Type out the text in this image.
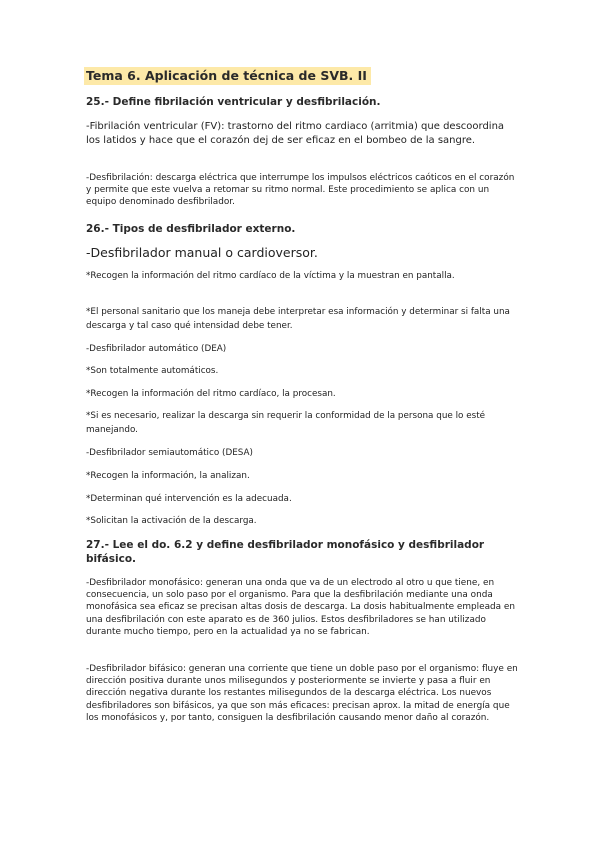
Tema 6. Aplicación de técnica de SVB. II
25.- Define fibrilación ventricular y desfibrilación.

-Fibrilación ventricular (FV): trastorno del ritmo cardiaco (arritmia) que descoordina los latidos y hace que el corazón dej de ser eficaz en el bombeo de la sangre.

-Desfibrilación: descarga eléctrica que interrumpe los impulsos eléctricos caóticos en el corazón y permite que este vuelva a retomar su ritmo normal. Este procedimiento se aplica con un equipo denominado desfibrilador.

26.- Tipos de desfibrilador externo.

-Desfibrilador manual o cardioversor.

*Recogen la información del ritmo cardíaco de la víctima y la muestran en pantalla.

*El personal sanitario que los maneja debe interpretar esa información y determinar si falta una descarga y tal caso qué intensidad debe tener.

-Desfibrilador automático (DEA)

*Son totalmente automáticos.

*Recogen la información del ritmo cardíaco, la procesan.

*Si es necesario, realizar la descarga sin requerir la conformidad de la persona que lo esté manejando.

-Desfibrilador semiautomático (DESA)

*Recogen la información, la analizan.

*Determinan qué intervención es la adecuada.

*Solicitan la activación de la descarga.

27.- Lee el do. 6.2 y define desfibrilador monofásico y desfibrilador bifásico.

-Desfibrilador monofásico: generan una onda que va de un electrodo al otro u que tiene, en consecuencia, un solo paso por el organismo. Para que la desfibrilación mediante una onda monofásica sea eficaz se precisan altas dosis de descarga. La dosis habitualmente empleada en una desfibrilación con este aparato es de 360 julios. Estos desfibriladores se han utilizado durante mucho tiempo, pero en la actualidad ya no se fabrican.

-Desfibrilador bifásico: generan una corriente que tiene un doble paso por el organismo: fluye en dirección positiva durante unos milisegundos y posteriormente se invierte y pasa a fluir en dirección negativa durante los restantes milisegundos de la descarga eléctrica. Los nuevos desfibriladores son bifásicos, ya que son más eficaces: precisan aprox. la mitad de energía que los monofásicos y, por tanto, consiguen la desfibrilación causando menor daño al corazón.
